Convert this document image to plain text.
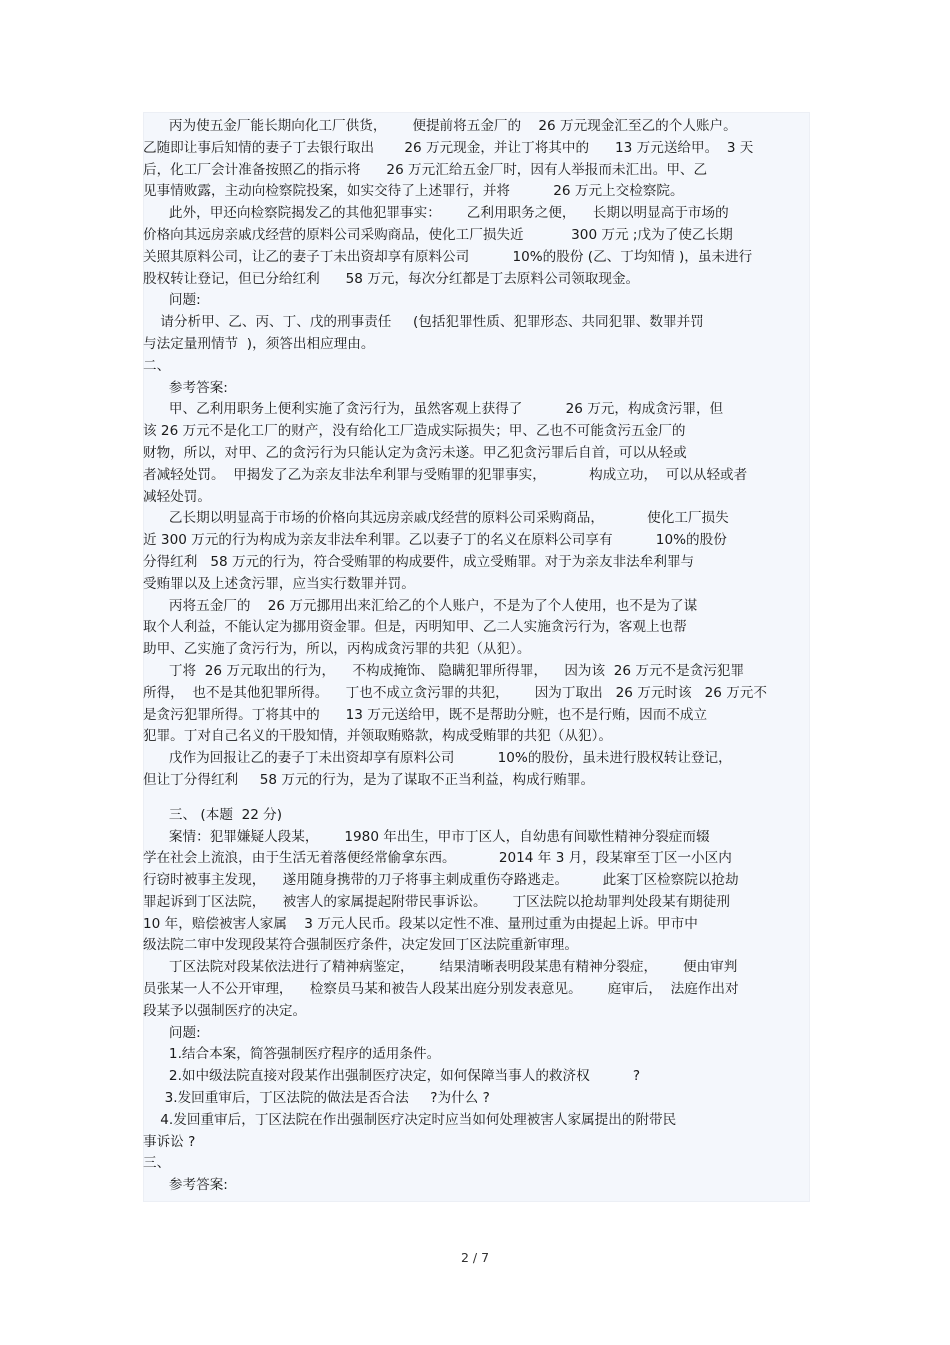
丙为使五金厂能长期向化工厂供货，      便提前将五金厂的    26 万元现金汇至乙的个人账户。
乙随即让事后知情的妻子丁去银行取出       26 万元现金，并让丁将其中的      13 万元送给甲。  3 天
后，化工厂会计准备按照乙的指示将      26 万元汇给五金厂时，因有人举报而未汇出。甲、乙
见事情败露，主动向检察院投案，如实交待了上述罪行，并将          26 万元上交检察院。
此外，甲还向检察院揭发乙的其他犯罪事实：      乙利用职务之便，    长期以明显高于市场的
价格向其远房亲戚戊经营的原料公司采购商品，使化工厂损失近           300 万元 ;戊为了使乙长期
关照其原料公司，让乙的妻子丁未出资却享有原料公司          10%的股份 (乙、丁均知情 )，虽未进行
股权转让登记，但已分给红利      58 万元，每次分红都是丁去原料公司领取现金。
问题:
请分析甲、乙、丙、丁、戊的刑事责任     (包括犯罪性质、犯罪形态、共同犯罪、数罪并罚
与法定量刑情节  )，须答出相应理由。
二、
参考答案:
甲、乙利用职务上便利实施了贪污行为，虽然客观上获得了          26 万元，构成贪污罪，但
该 26 万元不是化工厂的财产，没有给化工厂造成实际损失；甲、乙也不可能贪污五金厂的
财物，所以，对甲、乙的贪污行为只能认定为贪污未遂。甲乙犯贪污罪后自首，可以从轻或
者减轻处罚。  甲揭发了乙为亲友非法牟利罪与受贿罪的犯罪事实，          构成立功，  可以从轻或者
减轻处罚。
乙长期以明显高于市场的价格向其远房亲戚戊经营的原料公司采购商品，          使化工厂损失
近 300 万元的行为构成为亲友非法牟利罪。乙以妻子丁的名义在原料公司享有          10%的股份
分得红利   58 万元的行为，符合受贿罪的构成要件，成立受贿罪。对于为亲友非法牟利罪与
受贿罪以及上述贪污罪，应当实行数罪并罚。
丙将五金厂的    26 万元挪用出来汇给乙的个人账户，不是为了个人使用，也不是为了谋
取个人利益，不能认定为挪用资金罪。但是，丙明知甲、乙二人实施贪污行为，客观上也帮
助甲、乙实施了贪污行为，所以，丙构成贪污罪的共犯（从犯）。
丁将  26 万元取出的行为，    不构成掩饰、 隐瞒犯罪所得罪，    因为该  26 万元不是贪污犯罪
所得，  也不是其他犯罪所得。    丁也不成立贪污罪的共犯，      因为丁取出   26 万元时该   26 万元不
是贪污犯罪所得。丁将其中的      13 万元送给甲，既不是帮助分赃，也不是行贿，因而不成立
犯罪。丁对自己名义的干股知情，并领取贿赂款，构成受贿罪的共犯（从犯）。
戊作为回报让乙的妻子丁未出资却享有原料公司          10%的股份，虽未进行股权转让登记，
但让丁分得红利     58 万元的行为，是为了谋取不正当利益，构成行贿罪。
三、 (本题  22 分)
案情：犯罪嫌疑人段某，      1980 年出生，甲市丁区人，自幼患有间歇性精神分裂症而辍
学在社会上流浪，由于生活无着落便经常偷拿东西。          2014 年 3 月，段某窜至丁区一小区内
行窃时被事主发现，    遂用随身携带的刀子将事主刺成重伤夺路逃走。        此案丁区检察院以抢劫
罪起诉到丁区法院，    被害人的家属提起附带民事诉讼。      丁区法院以抢劫罪判处段某有期徒刑
10 年，赔偿被害人家属    3 万元人民币。段某以定性不准、量刑过重为由提起上诉。甲市中
级法院二审中发现段某符合强制医疗条件，决定发回丁区法院重新审理。
丁区法院对段某依法进行了精神病鉴定，      结果清晰表明段某患有精神分裂症，      便由审判
员张某一人不公开审理，    检察员马某和被告人段某出庭分别发表意见。      庭审后，  法庭作出对
段某予以强制医疗的决定。
问题:
1.结合本案，简答强制医疗程序的适用条件。
2.如中级法院直接对段某作出强制医疗决定，如何保障当事人的救济权          ?
3.发回重审后，丁区法院的做法是否合法     ?为什么 ?
4.发回重审后，丁区法院在作出强制医疗决定时应当如何处理被害人家属提出的附带民
事诉讼 ?
三、
参考答案:
2 / 7
